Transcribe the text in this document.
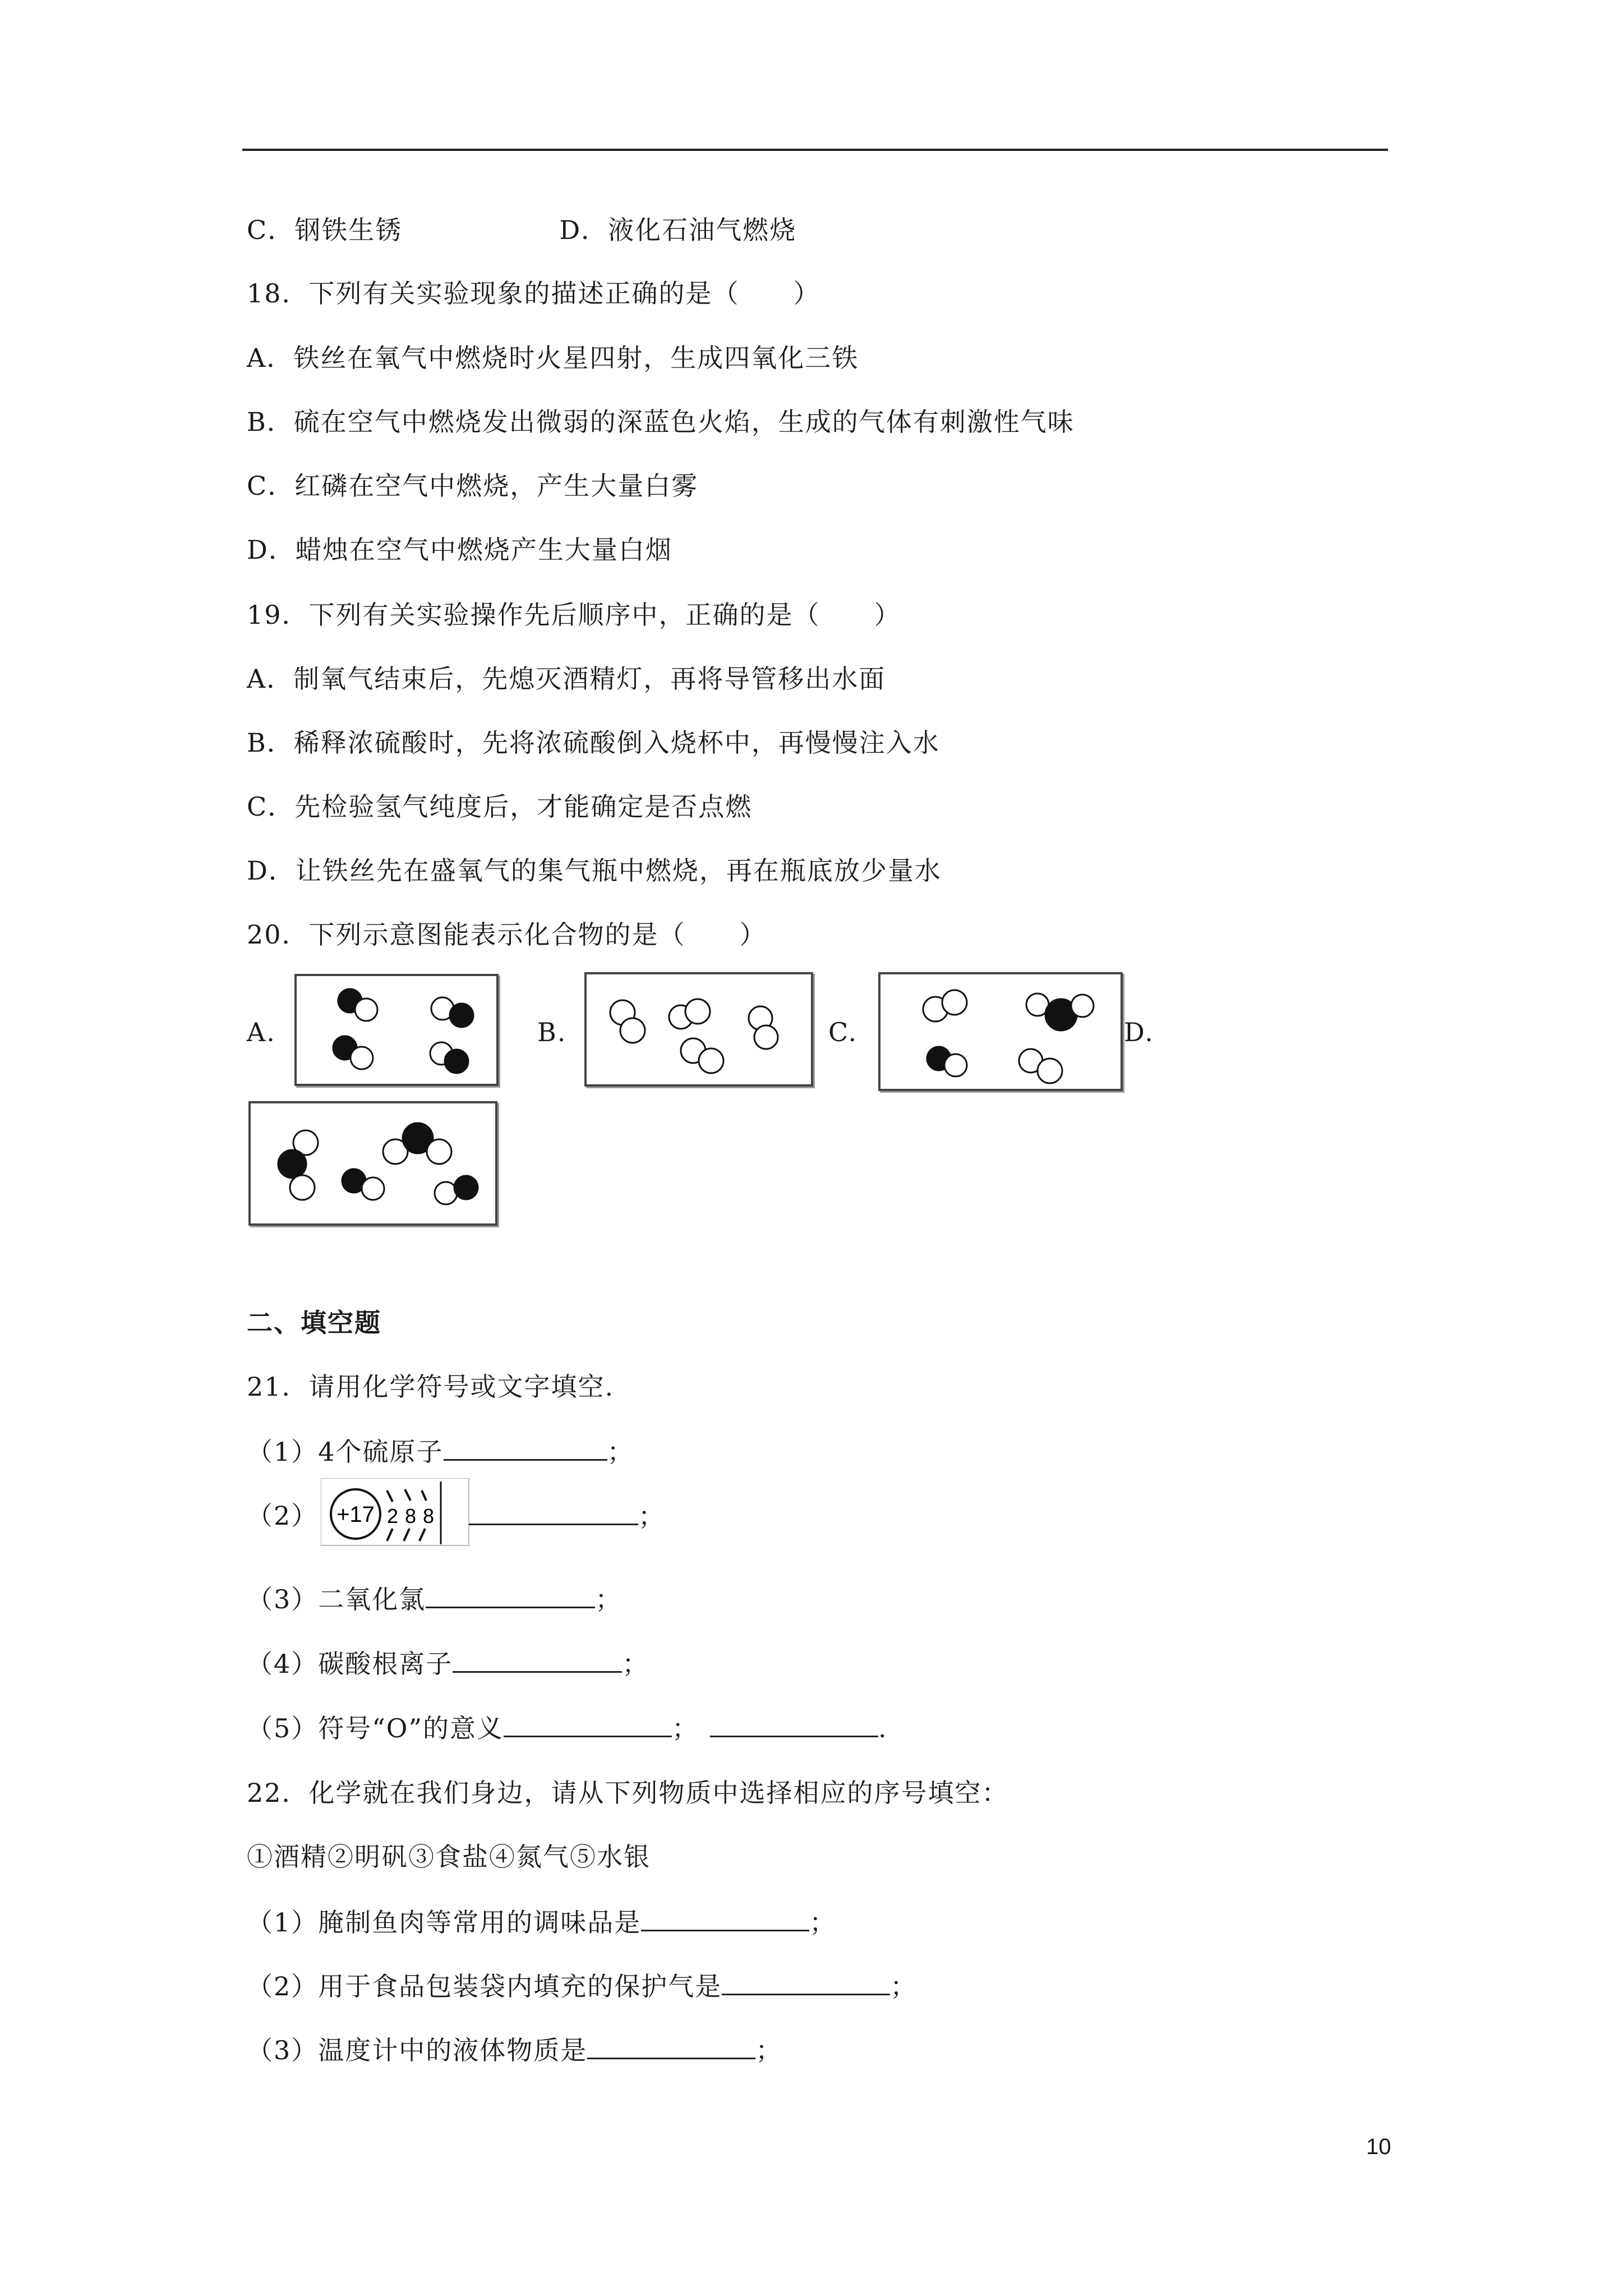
C．钢铁生锈	D．液化石油气燃烧
18．下列有关实验现象的描述正确的是（　　）
A．铁丝在氧气中燃烧时火星四射，生成四氧化三铁
B．硫在空气中燃烧发出微弱的深蓝色火焰，生成的气体有刺激性气味
C．红磷在空气中燃烧，产生大量白雾
D．蜡烛在空气中燃烧产生大量白烟
19．下列有关实验操作先后顺序中，正确的是（　　）
A．制氧气结束后，先熄灭酒精灯，再将导管移出水面
B．稀释浓硫酸时，先将浓硫酸倒入烧杯中，再慢慢注入水
C．先检验氢气纯度后，才能确定是否点燃
D．让铁丝先在盛氧气的集气瓶中燃烧，再在瓶底放少量水
20．下列示意图能表示化合物的是（　　）
A.	B.	C.	D.
二、填空题
21．请用化学符号或文字填空.
（1）4个硫原子	；
（2） +17 2 8 8	；
（3）二氧化氯	；
（4）碳酸根离子	；
（5）符号“O”的意义	；	.
22．化学就在我们身边，请从下列物质中选择相应的序号填空：
①酒精②明矾③食盐④氮气⑤水银
（1）腌制鱼肉等常用的调味品是	；
（2）用于食品包装袋内填充的保护气是	；
（3）温度计中的液体物质是	；
10
